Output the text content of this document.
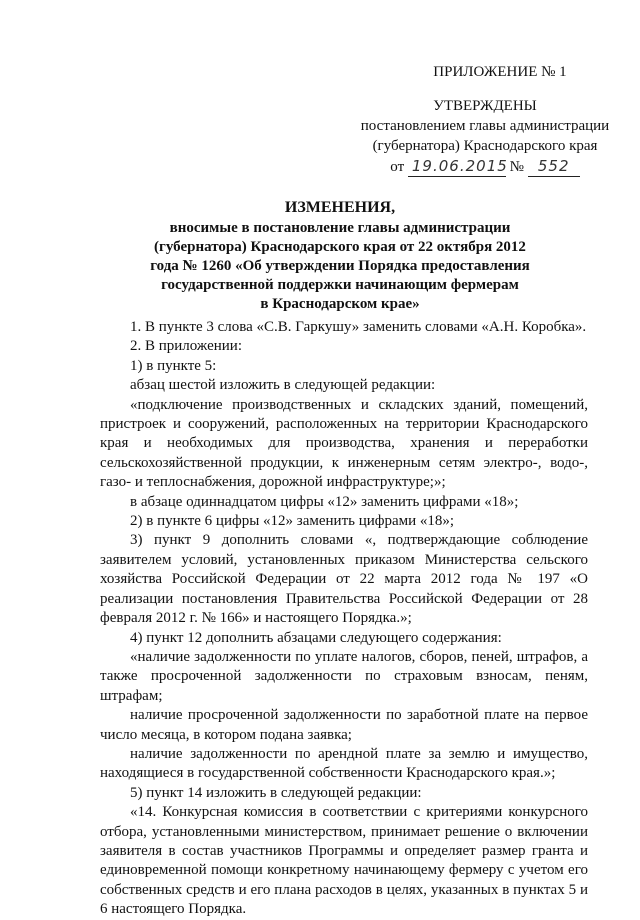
ПРИЛОЖЕНИЕ № 1
УТВЕРЖДЕНЫ
постановлением главы администрации
(губернатора) Краснодарского края
от 19.06.2015 № 552
ИЗМЕНЕНИЯ,
вносимые в постановление главы администрации
(губернатора) Краснодарского края от 22 октября 2012
года № 1260 «Об утверждении Порядка предоставления
государственной поддержки начинающим фермерам
в Краснодарском крае»

1. В пункте 3 слова «С.В. Гаркушу» заменить словами «А.Н. Коробка».

2. В приложении:

1) в пункте 5:

абзац шестой изложить в следующей редакции:

«подключение производственных и складских зданий, помещений, пристроек и сооружений, расположенных на территории Краснодарского края и необходимых для производства, хранения и переработки сельскохозяйственной продукции, к инженерным сетям электро-, водо-, газо- и теплоснабжения, дорожной инфраструктуре;»;

в абзаце одиннадцатом цифры «12» заменить цифрами «18»;

2) в пункте 6 цифры «12» заменить цифрами «18»;

3) пункт 9 дополнить словами «, подтверждающие соблюдение заявителем условий, установленных приказом Министерства сельского хозяйства Российской Федерации от 22 марта 2012 года № 197 «О реализации постановления Правительства Российской Федерации от 28 февраля 2012 г. № 166» и настоящего Порядка.»;

4) пункт 12 дополнить абзацами следующего содержания:

«наличие задолженности по уплате налогов, сборов, пеней, штрафов, а также просроченной задолженности по страховым взносам, пеням, штрафам;

наличие просроченной задолженности по заработной плате на первое число месяца, в котором подана заявка;

наличие задолженности по арендной плате за землю и имущество, находящиеся в государственной собственности Краснодарского края.»;

5) пункт 14 изложить в следующей редакции:

«14. Конкурсная комиссия в соответствии с критериями конкурсного отбора, установленными министерством, принимает решение о включении заявителя в состав участников Программы и определяет размер гранта и единовременной помощи конкретному начинающему фермеру с учетом его собственных средств и его плана расходов в целях, указанных в пунктах 5 и 6 настоящего Порядка.
